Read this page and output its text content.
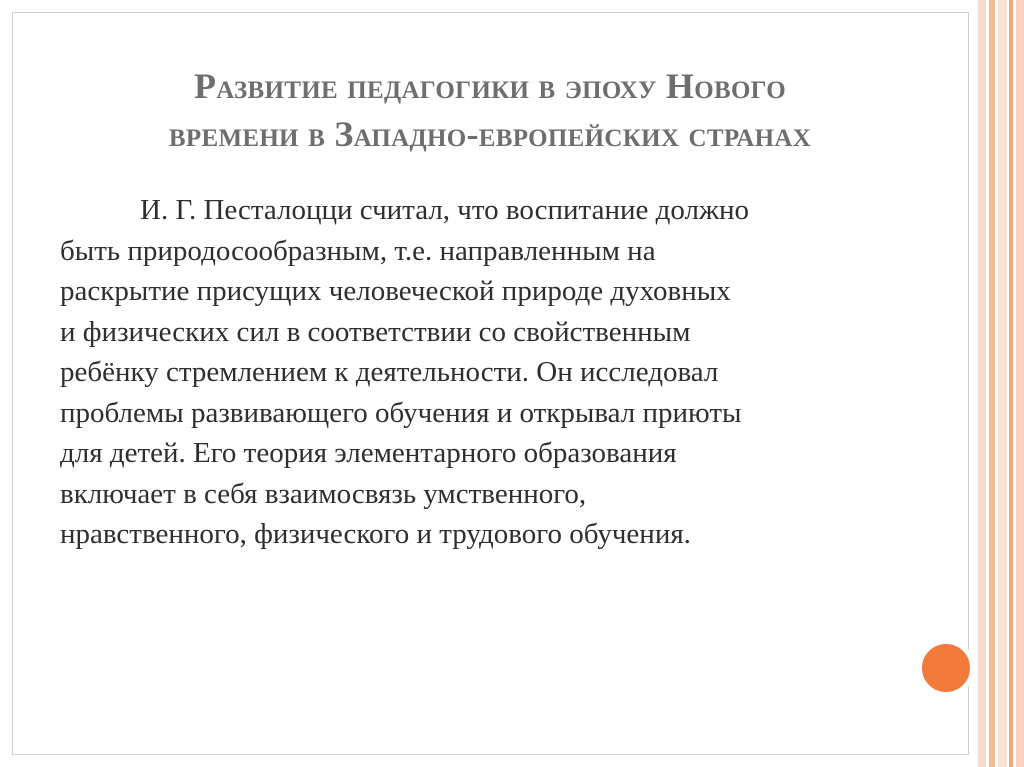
Развитие педагогики в эпоху Нового
времени в Западно-европейских странах
И. Г. Песталоцци считал, что воспитание должно
быть природосообразным, т.е. направленным на
раскрытие присущих человеческой природе духовных
и физических сил в соответствии со свойственным
ребёнку стремлением к деятельности. Он исследовал
проблемы развивающего обучения и открывал приюты
для детей. Его теория элементарного образования
включает в себя взаимосвязь умственного,
нравственного, физического и трудового обучения.
